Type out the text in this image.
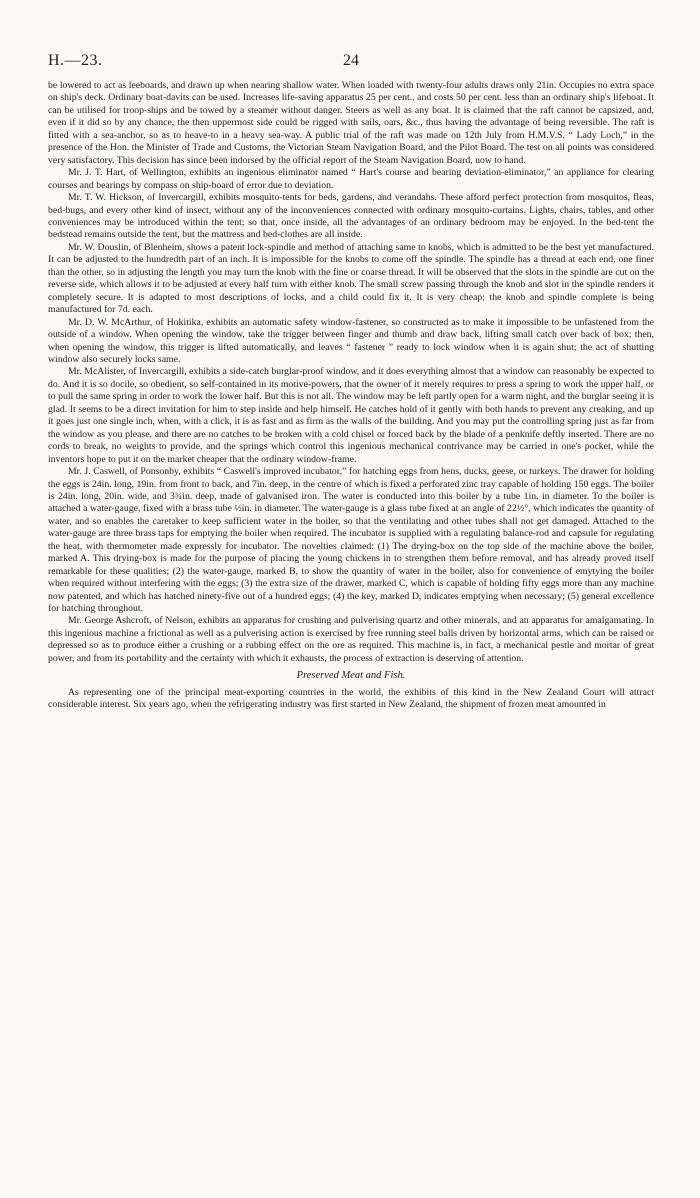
H.—23.	24

be lowered to act as leeboards, and drawn up when nearing shallow water. When loaded with twenty-four adults draws only 21in. Occupies no extra space on ship's deck. Ordinary boat-davits can be used. Increases life-saving apparatus 25 per cent., and costs 50 per cent. less than an ordinary ship's lifeboat. It can be utilised for troop-ships and be towed by a steamer without danger. Steers as well as any boat. It is claimed that the raft cannot be capsized, and, even if it did so by any chance, the then uppermost side could be rigged with sails, oars, &c., thus having the advantage of being reversible. The raft is fitted with a sea-anchor, so as to heave-to in a heavy sea-way. A public trial of the raft was made on 12th July from H.M.V.S. “ Lady Loch,” in the presence of the Hon. the Minister of Trade and Customs, the Victorian Steam Navigation Board, and the Pilot Board. The test on all points was considered very satisfactory. This decision has since been indorsed by the official report of the Steam Navigation Board, now to hand.

Mr. J. T. Hart, of Wellington, exhibits an ingenious eliminator named “ Hart's course and bearing deviation-eliminator,” an appliance for clearing courses and bearings by compass on ship-board of error due to deviation.

Mr. T. W. Hickson, of Invercargill, exhibits mosquito-tents for beds, gardens, and verandahs. These afford perfect protection from mosquitos, fleas, bed-bugs, and every other kind of insect, without any of the inconveniences connected with ordinary mosquito-curtains. Lights, chairs, tables, and other conveniences may be introduced within the tent; so that, once inside, all the advantages of an ordinary bedroom may be enjoyed. In the bed-tent the bedstead remains outside the tent, but the mattress and bed-clothes are all inside.

Mr. W. Douslin, of Blenheim, shows a patent lock-spindle and method of attaching same to knobs, which is admitted to be the best yet manufactured. It can be adjusted to the hundredth part of an inch. It is impossible for the knobs to come off the spindle. The spindle has a thread at each end, one finer than the other, so in adjusting the length you may turn the knob with the fine or coarse thread. It will be observed that the slots in the spindle are cut on the reverse side, which allows it to be adjusted at every half turn with either knob. The small screw passing through the knob and slot in the spindle renders it completely secure. It is adapted to most descriptions of locks, and a child could fix it. It is very cheap; the knob and spindle complete is being manufactured for 7d. each.

Mr. D. W. McArthur, of Hokitika, exhibits an automatic safety window-fastener, so constructed as to make it impossible to be unfastened from the outside of a window. When opening the window, take the trigger between finger and thumb and draw back, lifting small catch over back of box; then, when opening the window, this trigger is lifted automatically, and leaves “ fastener ” ready to lock window when it is again shut; the act of shutting window also securely locks same.

Mr. McAlister, of Invercargill, exhibits a side-catch burglar-proof window, and it does everything almost that a window can reasonably be expected to do. And it is so docile, so obedient, so self-contained in its motive-powers, that the owner of it merely requires to press a spring to work the upper half, or to pull the same spring in order to work the lower half. But this is not all. The window may be left partly open for a warm night, and the burglar seeing it is glad. It seems to be a direct invitation for him to step inside and help himself. He catches hold of it gently with both hands to prevent any creaking, and up it goes just one single inch, when, with a click, it is as fast and as firm as the walls of the building. And you may put the controlling spring just as far from the window as you please, and there are no catches to be broken with a cold chisel or forced back by the blade of a penknife deftly inserted. There are no cords to break, no weights to provide, and the springs which control this ingenious mechanical contrivance may be carried in one's pocket, while the inventors hope to put it on the market cheaper that the ordinary window-frame.

Mr. J. Caswell, of Ponsonby, exhibits “ Caswell's improved incubator,” for hatching eggs from hens, ducks, geese, or turkeys. The drawer for holding the eggs is 24in. long, 19in. from front to back, and 7in. deep, in the centre of which is fixed a perforated zinc tray capable of holding 150 eggs. The boiler is 24in. long, 20in. wide, and 3¾in. deep, made of galvanised iron. The water is conducted into this boiler by a tube 1in. in diameter. To the boiler is attached a water-gauge, fixed with a brass tube ½in. in diameter. The water-gauge is a glass tube fixed at an angle of 22½°, which indicates the quantity of water, and so enables the caretaker to keep sufficient water in the boiler, so that the ventilating and other tubes shall not get damaged. Attached to the water-gauge are three brass taps for emptying the boiler when required. The incubator is supplied with a regulating balance-rod and capsule for regulating the heat, with thermometer made expressly for incubator. The novelties claimed: (1) The drying-box on the top side of the machine above the boiler, marked A. This drying-box is made for the purpose of placing the young chickens in to strengthen them before removal, and has already proved itself remarkable for these qualities; (2) the water-gauge, marked B, to show the quantity of water in the boiler, also for convenience of emytying the boiler when required without interfering with the eggs; (3) the extra size of the drawer, marked C, which is capable of holding fifty eggs more than any machine now patented, and which has hatched ninety-five out of a hundred eggs; (4) the key, marked D, indicates emptying when necessary; (5) general excellence for hatching throughout.

Mr. George Ashcroft, of Nelson, exhibits an apparatus for crushing and pulverising quartz and other minerals, and an apparatus for amalgamating. In this ingenious machine a frictional as well as a pulverising action is exercised by free running steel balls driven by horizontal arms, which can be raised or depressed so as to produce either a crushing or a rubbing effect on the ore as required. This machine is, in fact, a mechanical pestle and mortar of great power, and from its portability and the certainty with which it exhausts, the process of extraction is deserving of attention.

Preserved Meat and Fish.

As representing one of the principal meat-exporting countries in the world, the exhibits of this kind in the New Zealand Court will attract considerable interest. Six years ago, when the refrigerating industry was first started in New Zealand, the shipment of frozen meat amounted in
